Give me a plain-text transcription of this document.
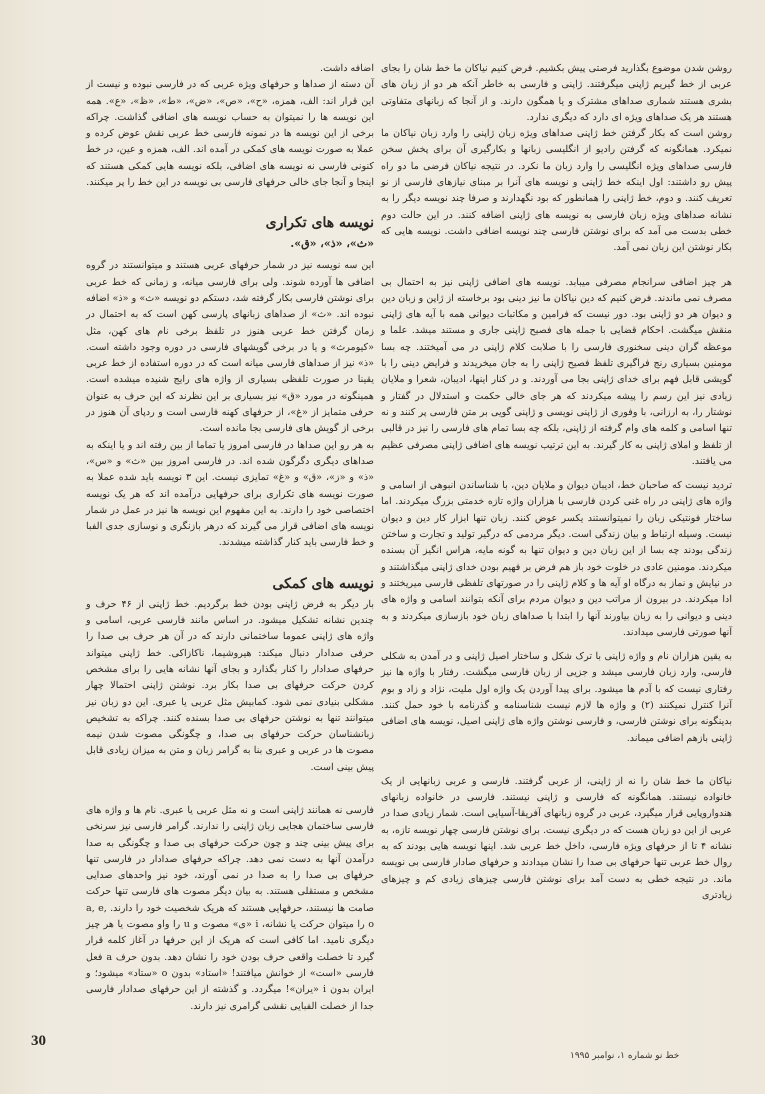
روشن شدن موضوع بگذارید فرصتی پیش بکشیم. فرض کنیم نیاکان ما خط شان را بجای عربی از خط گیریم ژاپنی میگرفتند. ژاپنی و فارسی به خاطر آنکه هر دو از زبان های بشری هستند شماری صداهای مشترک و یا همگون دارند. و از آنجا که زبانهای متفاوتی هستند هر یک صداهای ویژه ای دارد که دیگری ندارد.

روشن است که بکار گرفتن خط ژاپنی صداهای ویژه زبان ژاپنی را وارد زبان نیاکان ما نمیکرد. همانگونه که گرفتن رادیو از انگلیسی زبانها و بکارگیری آن برای پخش سخن فارسی صداهای ویژه انگلیسی را وارد زبان ما نکرد. در نتیجه نیاکان فرضی ما دو راه پیش رو داشتند: اول اینکه خط ژاپنی و نویسه های آنرا بر مبنای نیازهای فارسی از نو تعریف کنند. و دوم، خط ژاپنی را همانطور که بود نگهدارند و صرفا چند نویسه دیگر را به نشانه صداهای ویژه زبان فارسی به نویسه های ژاپنی اضافه کنند. در این حالت دوم خطی بدست می آمد که برای نوشتن فارسی چند نویسه اضافی داشت. نویسه هایی که بکار نوشتن این زبان نمی آمد.

هر چیز اضافی سرانجام مصرفی میبابد. نویسه های اضافی ژاپنی نیز به احتمال بی مصرف نمی ماندند. فرض کنیم که دین نیاکان ما نیز دینی بود برخاسته از ژاپن و زبان دین و دیوان هر دو ژاپنی بود. دور نیست که فرامین و مکاتبات دیوانی همه با آیه های ژاپنی منقش میگشت. احکام قضایی با جمله های فصیح ژاپنی جاری و مستند میشد. علما و موعظه گران دینی سخنوری فارسی را با صلابت کلام ژاپنی در می آمیختند. چه بسا مومنین بسیاری رنج فراگیری تلفظ فصیح ژاپنی را به جان میخریدند و فرایض دینی را با گویشی قابل فهم برای خدای ژاپنی بجا می آوردند. و در کنار اینها، ادیبان، شعرا و ملایان زیادی نیز این رسم را پیشه میکردند که هر جای خالی حکمت و استدلال در گفتار و نوشتار را، به ارزانی، با وفوری از ژاپنی نویسی و ژاپنی گویی بر متن فارسی پر کنند و نه تنها اسامی و کلمه های وام گرفته از ژاپنی، بلکه چه بسا تمام های فارسی را نیز در قالبی از تلفظ و املای ژاپنی به کار گیرند. به این ترتیب نویسه های اضافی ژاپنی مصرفی عظیم می یافتند.

تردید نیست که صاحبان خط، ادیبان دیوان و ملایان دین، با شناساندن انبوهی از اسامی و واژه های ژاپنی در راه غنی کردن فارسی با هزاران واژه تازه خدمتی بزرگ میکردند. اما ساختار فونتیکی زبان را نمیتوانستند یکسر عوض کنند. زبان تنها ابزار کار دین و دیوان نیست. وسیله ارتباط و بیان زندگی است. دیگر مردمی که درگیر تولید و تجارت و ساختن زندگی بودند چه بسا از این زبان دین و دیوان تنها به گونه مایه، هراس انگیز آن بسنده میکردند. مومنین عادی در خلوت خود باز هم فرض بر فهیم بودن خدای ژاپنی میگذاشتند و در نیایش و نماز به درگاه او آیه ها و کلام ژاپنی را در صورتهای تلفظی فارسی میریختند و ادا میکردند. در بیرون از مراتب دین و دیوان مردم برای آنکه بتوانند اسامی و واژه های دینی و دیوانی را به زبان بیاورند آنها را ابتدا با صداهای زبان خود بازسازی میکردند و به آنها صورتی فارسی میدادند.

به یقین هزاران نام و واژه ژاپنی با ترک شکل و ساختار اصیل ژاپنی و در آمدن به شکلی فارسی، وارد زبان فارسی میشد و جزیی از زبان فارسی میگشت. رفتار با واژه ها نیز رفتاری نیست که با آدم ها میشود. برای پیدا آوردن یک واژه اول ملیت، نژاد و زاد و بوم آنرا کنترل نمیکنند (۲) و واژه ها لازم نیست شناسنامه و گذرنامه با خود حمل کنند. بدینگونه برای نوشتن فارسی، و فارسی نوشتن واژه های ژاپنی اصیل، نویسه های اضافی ژاپنی بازهم اضافی میماند.

نیاکان ما خط شان را نه از ژاپنی، از عربی گرفتند. فارسی و عربی زبانهایی از یک خانواده نیستند. همانگونه که فارسی و ژاپنی نیستند. فارسی در خانواده زبانهای هندواروپایی قرار میگیرد، عربی در گروه زبانهای آفریقا-آسیایی است. شمار زیادی صدا در عربی از این دو زبان هست که در دیگری نیست. برای نوشتن فارسی چهار نویسه تازه، به نشانه ۴ تا از حرفهای ویژه فارسی، داخل خط عربی شد. اینها نویسه هایی بودند که به روال خط عربی تنها حرفهای بی صدا را نشان میدادند و حرفهای صادار فارسی بی نویسه ماند. در نتیجه خطی به دست آمد برای نوشتن فارسی چیزهای زیادی کم و چیزهای زیادتری

اضافه داشت.

آن دسته از صداها و حرفهای ویژه عربی که در فارسی نبوده و نیست از این قرار اند: الف، همزه، «ح»، «ص»، «ض»، «ط»، «ظ»، «ع». همه این نویسه ها را نمیتوان به حساب نویسه های اضافی گذاشت. چراکه برخی از این نویسه ها در نمونه فارسی خط عربی نقش عوض کرده و عملا به صورت نویسه های کمکی در آمده اند. الف، همزه و عین، در خط کنونی فارسی نه نویسه های اضافی، بلکه نویسه هایی کمکی هستند که اینجا و آنجا جای خالی حرفهای فارسی بی نویسه در این خط را پر میکنند.

نویسه های تکراری
«ث»، «ذ»، «ق».

این سه نویسه نیز در شمار حرفهای عربی هستند و میتوانستند در گروه اضافی ها آورده شوند. ولی برای فارسی میانه، و زمانی که خط عربی برای نوشتن فارسی بکار گرفته شد، دستکم دو نویسه «ث» و «ذ» اضافه نبوده اند. «ث» از صداهای زبانهای پارسی کهن است که به احتمال در زمان گرفتن خط عربی هنوز در تلفظ برخی نام های کهن، مثل «کیومرث» و یا در برخی گویشهای فارسی در دوره وجود داشته است. «ذ» نیز از صداهای فارسی میانه است که در دوره استفاده از خط عربی یقینا در صورت تلفظی بسیاری از واژه های رایج شنیده میشده است. همینگونه در مورد «ق» نیز بسیاری بر این نظرند که این حرف به عنوان حرفی متمایز از «غ»، از حرفهای کهنه فارسی است و ردپای آن هنوز در برخی از گویش های فارسی بجا مانده است.

به هر رو این صداها در فارسی امروز یا تماما از بین رفته اند و یا اینکه به صداهای دیگری دگرگون شده اند. در فارسی امروز بین «ث» و «س»، «ذ» و «ز»، «ق» و «غ» تمایزی نیست. این ۳ نویسه باید شده عملا به صورت نویسه های تکراری برای حرفهایی درآمده اند که هر یک نویسه اختصاصی خود را دارند. به این مفهوم این نویسه ها نیز در عمل در شمار نویسه های اضافی قرار می گیرند که درهر بازنگری و نوسازی جدی الفبا و خط فارسی باید کنار گذاشته میشدند.

نویسه های کمکی

بار دیگر به فرض ژاپنی بودن خط برگردیم. خط ژاپنی از ۴۶ حرف و چندین نشانه تشکیل میشود. در اساس مانند فارسی عربی، اسامی و واژه های ژاپنی عموما ساختمانی دارند که در آن هر حرف بی صدا را حرفی صدادار دنبال میکند: هیروشیما، ناکازاکی. خط ژاپنی میتواند حرفهای صدادار را کنار بگذارد و بجای آنها نشانه هایی را برای مشخص کردن حرکت حرفهای بی صدا بکار برد. نوشتن ژاپنی احتمالا چهار مشکلی بنیادی نمی شود. کمابیش مثل عربی یا عبری. این دو زبان نیز میتوانند تنها به نوشتن حرفهای بی صدا بسنده کنند. چراکه به تشخیص زبانشناسان حرکت حرفهای بی صدا، و چگونگی مصوت شدن نیمه مصوت ها در عربی و عبری بنا به گرامر زبان و متن به میزان زیادی قابل پیش بینی است.

فارسی نه همانند ژاپنی است و نه مثل عربی یا عبری. نام ها و واژه های فارسی ساختمان هجایی زبان ژاپنی را ندارند. گرامر فارسی نیز سرنخی برای پیش بینی چند و چون حرکت حرفهای بی صدا و چگونگی به صدا درآمدن آنها به دست نمی دهد. چراکه حرفهای صدادار در فارسی تنها حرفهای بی صدا را به صدا در نمی آورند، خود نیز واحدهای صدایی مشخص و مستقلی هستند. به بیان دیگر مصوت های فارسی تنها حرکت صامت ها نیستند، حرفهایی هستند که هریک شخصیت خود را دارند. a, e, o را میتوان حرکت یا نشانه، i «ی» مصوت و u را واو مصوت یا هر چیز دیگری نامید. اما کافی است که هریک از این حرفها در آغاز کلمه قرار گیرد تا خصلت واقعی حرف بودن خود را نشان دهد. بدون حرف a فعل فارسی «است» از خوانش میافتند! «استاد» بدون o «ستاد» میشود؛ و ایران بدون i «یران»! میگردد. و گذشته از این حرفهای صدادار فارسی جدا از خصلت الفبایی نقشی گرامری نیز دارند.

خط نو شماره ۱، نوامبر ۱۹۹۵
30
